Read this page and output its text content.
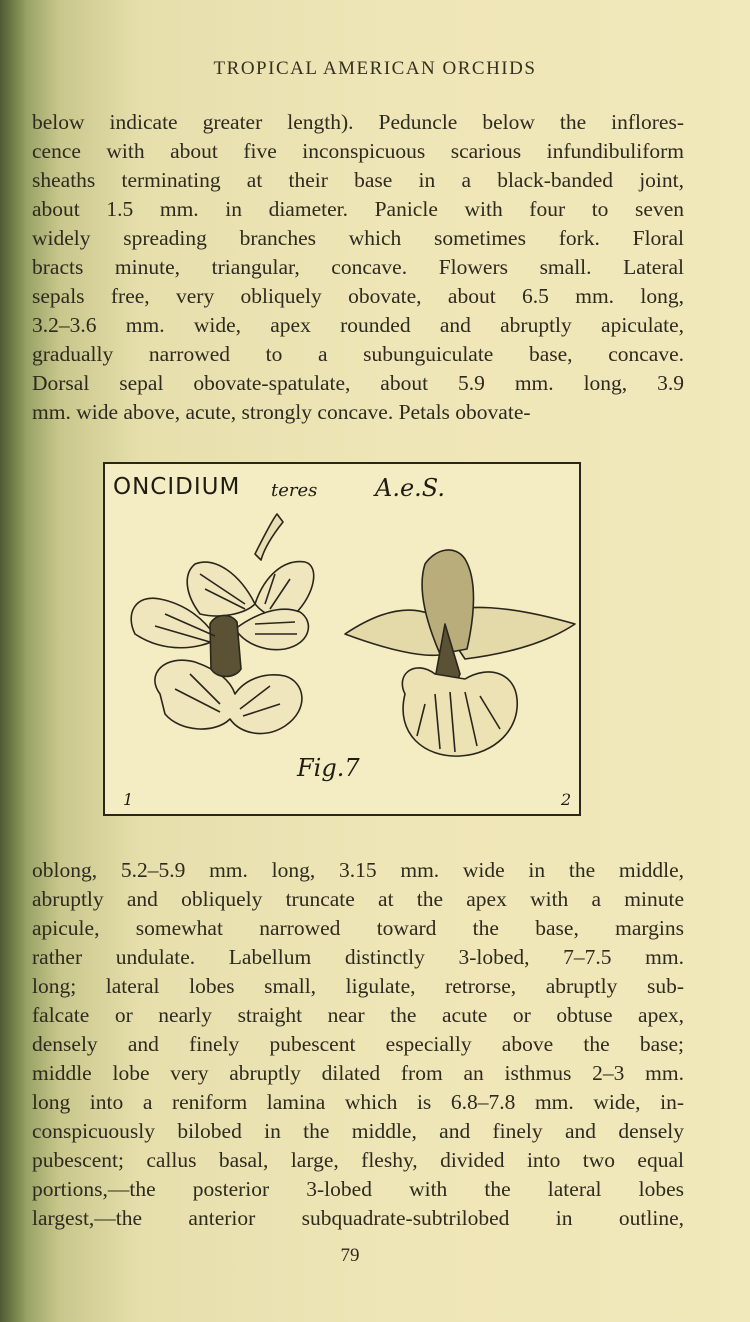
TROPICAL AMERICAN ORCHIDS

below indicate greater length). Peduncle below the inflores-
cence with about five inconspicuous scarious infundibuliform
sheaths terminating at their base in a black-banded joint,
about 1.5 mm. in diameter. Panicle with four to seven
widely spreading branches which sometimes fork. Floral
bracts minute, triangular, concave. Flowers small. Lateral
sepals free, very obliquely obovate, about 6.5 mm. long,
3.2–3.6 mm. wide, apex rounded and abruptly apiculate,
gradually narrowed to a subunguiculate base, concave.
Dorsal sepal obovate-spatulate, about 5.9 mm. long, 3.9
mm. wide above, acute, strongly concave. Petals obovate-

ONCIDIUM teres A.e.S.
1
Fig.7
2

oblong, 5.2–5.9 mm. long, 3.15 mm. wide in the middle,
abruptly and obliquely truncate at the apex with a minute
apicule, somewhat narrowed toward the base, margins
rather undulate. Labellum distinctly 3-lobed, 7–7.5 mm.
long; lateral lobes small, ligulate, retrorse, abruptly sub-
falcate or nearly straight near the acute or obtuse apex,
densely and finely pubescent especially above the base;
middle lobe very abruptly dilated from an isthmus 2–3 mm.
long into a reniform lamina which is 6.8–7.8 mm. wide, in-
conspicuously bilobed in the middle, and finely and densely
pubescent; callus basal, large, fleshy, divided into two equal
portions,—the posterior 3-lobed with the lateral lobes
largest,—the anterior subquadrate-subtrilobed in outline,

79
